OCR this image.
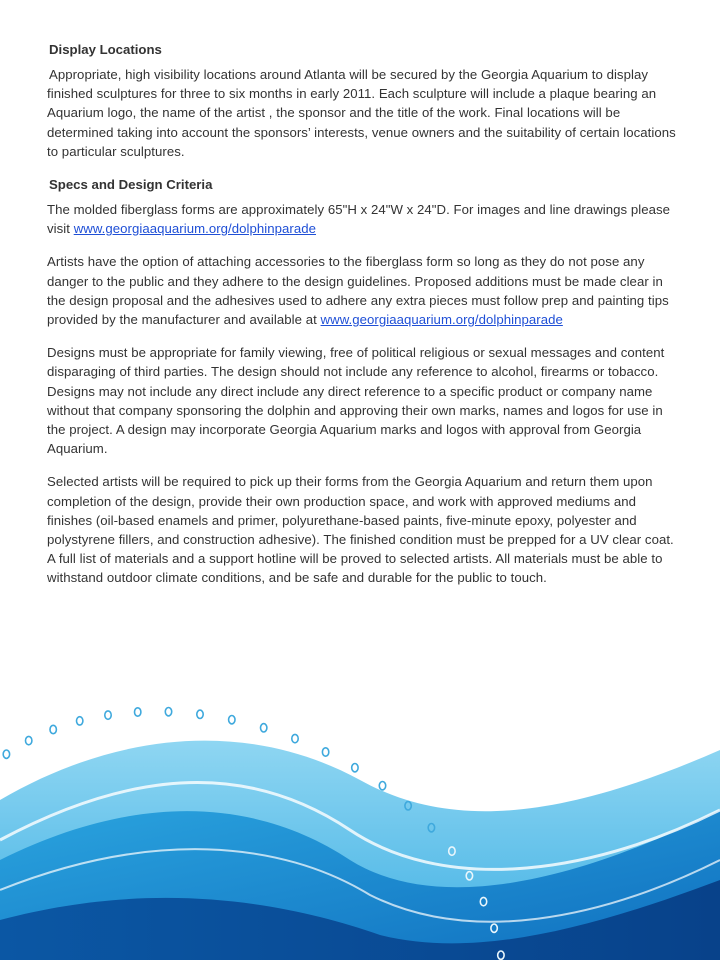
Display Locations

Appropriate, high visibility locations around Atlanta will be secured by the Georgia Aquarium to display finished sculptures for three to six months in early 2011. Each sculpture will include a plaque bearing an Aquarium logo, the name of the artist , the sponsor and the title of the work. Final locations will be determined taking into account the sponsors’ interests, venue owners and the suitability of certain locations to particular sculptures.

Specs and Design Criteria

The molded fiberglass forms are approximately 65"H x 24"W x 24"D. For images and line drawings please visit www.georgiaaquarium.org/dolphinparade

Artists have the option of attaching accessories to the fiberglass form so long as they do not pose any danger to the public and they adhere to the design guidelines. Proposed additions must be made clear in the design proposal and the adhesives used to adhere any extra pieces must follow prep and painting tips provided by the manufacturer and available at www.georgiaaquarium.org/dolphinparade

Designs must be appropriate for family viewing, free of political religious or sexual messages and content disparaging of third parties. The design should not include any reference to alcohol, firearms or tobacco. Designs may not include any direct include any direct reference to a specific product or company name without that company sponsoring the dolphin and approving their own marks, names and logos for use in the project. A design may incorporate Georgia Aquarium marks and logos with approval from Georgia Aquarium.

Selected artists will be required to pick up their forms from the Georgia Aquarium and return them upon completion of the design, provide their own production space, and work with approved mediums and finishes (oil-based enamels and primer, polyurethane-based paints, five-minute epoxy, polyester and polystyrene fillers, and construction adhesive). The finished condition must be prepped for a UV clear coat. A full list of materials and a support hotline will be proved to selected artists. All materials must be able to withstand outdoor climate conditions, and be safe and durable for the public to touch.
